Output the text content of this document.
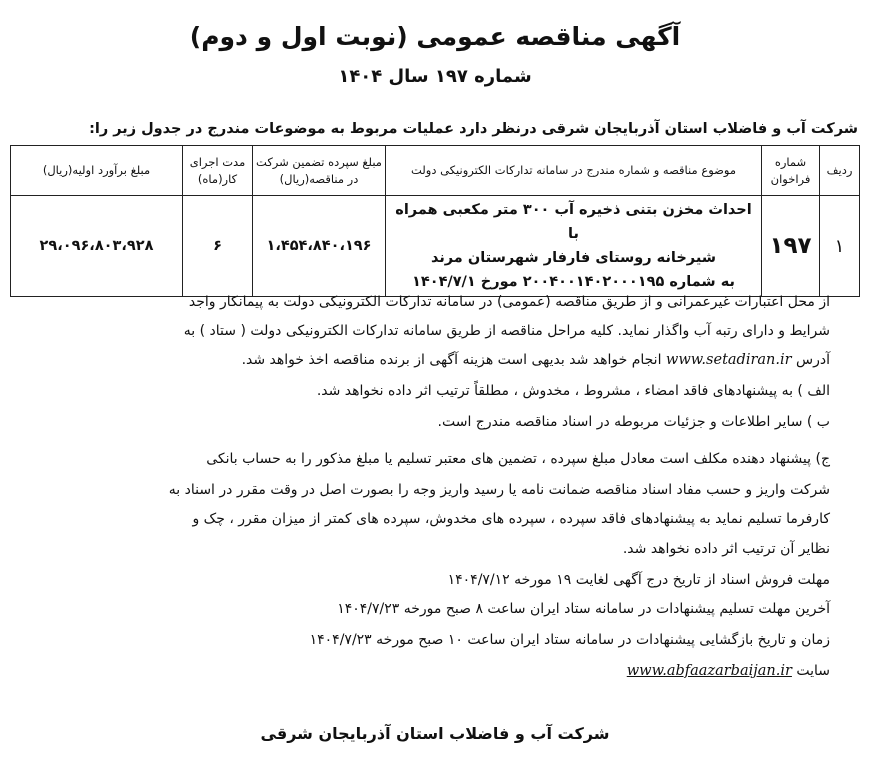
آگهی مناقصه عمومی (نوبت اول و دوم)
شماره ۱۹۷ سال ۱۴۰۴
شرکت آب و فاضلاب استان آذربایجان شرقی درنظر دارد عملیات مربوط به موضوعات مندرج در جدول زیر را:
ردیف	شماره فراخوان	موضوع مناقصه و شماره مندرج در سامانه تدارکات الکترونیکی دولت	مبلغ سپرده تضمین شرکت در مناقصه(ریال)	مدت اجرای کار(ماه)	مبلغ برآورد اولیه(ریال)
۱	۱۹۷	احداث مخزن بتنی ذخیره آب ۳۰۰ متر مکعبی همراه با
شیرخانه روستای فارفار شهرستان مرند
به شماره ۲۰۰۴۰۰۱۴۰۲۰۰۰۱۹۵ مورخ ۱۴۰۴/۷/۱	۱،۴۵۴،۸۴۰،۱۹۶	۶	۲۹،۰۹۶،۸۰۳،۹۲۸
از محل اعتبارات غیرعمرانی و از طریق مناقصه (عمومی) در سامانه تدارکات الکترونیکی دولت به پیمانکار واجد
شرایط و دارای رتبه آب واگذار نماید. کلیه مراحل مناقصه از طریق سامانه تدارکات الکترونیکی دولت ( ستاد ) به
آدرس www.setadiran.ir انجام خواهد شد بدیهی است هزینه آگهی از برنده مناقصه اخذ خواهد شد.
الف ) به پیشنهادهای فاقد امضاء ، مشروط ، مخدوش ، مطلقاً ترتیب اثر داده نخواهد شد.
ب ) سایر اطلاعات و جزئیات مربوطه در اسناد مناقصه مندرج است.
ج) پیشنهاد دهنده مکلف است معادل مبلغ سپرده ، تضمین های معتبر تسلیم یا مبلغ مذکور را به حساب بانکی
شرکت واریز و حسب مفاد اسناد مناقصه ضمانت نامه یا رسید واریز وجه را بصورت اصل در وقت مقرر در اسناد به
کارفرما تسلیم نماید به پیشنهادهای فاقد سپرده ، سپرده های مخدوش، سپرده های کمتر از میزان مقرر ، چک و
نظایر آن ترتیب اثر داده نخواهد شد.
مهلت فروش اسناد از تاریخ درج آگهی لغایت ۱۹ مورخه ۱۴۰۴/۷/۱۲
آخرین مهلت تسلیم پیشنهادات در سامانه ستاد ایران ساعت ۸ صبح مورخه ۱۴۰۴/۷/۲۳
زمان و تاریخ بازگشایی پیشنهادات در سامانه ستاد ایران ساعت ۱۰ صبح مورخه ۱۴۰۴/۷/۲۳
سایت www.abfaazarbaijan.ir
شرکت آب و فاضلاب استان آذربایجان شرقی
